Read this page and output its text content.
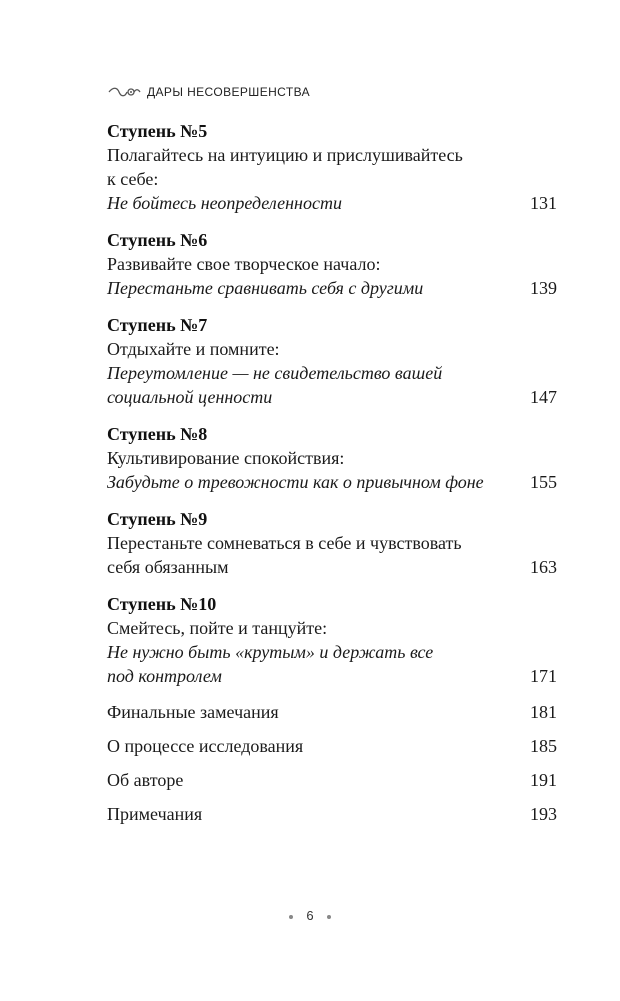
ДАРЫ НЕСОВЕРШЕНСТВА
Ступень №5
Полагайтесь на интуицию и прислушивайтесь
к себе:
Не бойтесь неопределенности	131
Ступень №6
Развивайте свое творческое начало:
Перестаньте сравнивать себя с другими	139
Ступень №7
Отдыхайте и помните:
Переутомление — не свидетельство вашей
социальной ценности	147
Ступень №8
Культивирование спокойствия:
Забудьте о тревожности как о привычном фоне	155
Ступень №9
Перестаньте сомневаться в себе и чувствовать
себя обязанным	163
Ступень №10
Смейтесь, пойте и танцуйте:
Не нужно быть «крутым» и держать все
под контролем	171
Финальные замечания	181
О процессе исследования	185
Об авторе	191
Примечания	193
6
